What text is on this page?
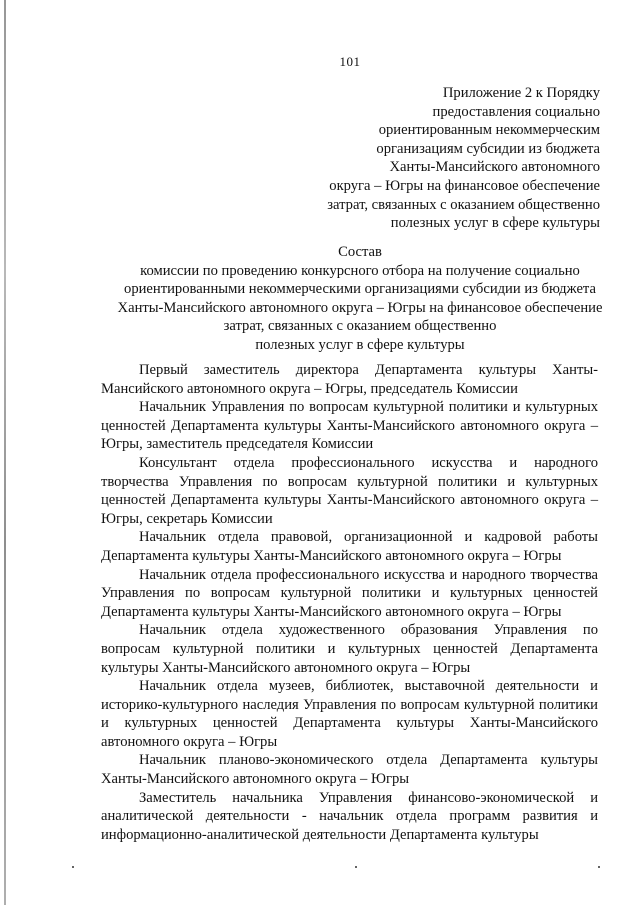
101
Приложение 2 к Порядку
предоставления социально
ориентированным некоммерческим
организациям субсидии из бюджета
Ханты-Мансийского автономного
округа – Югры на финансовое обеспечение
затрат, связанных с оказанием общественно
полезных услуг в сфере культуры
Состав
комиссии по проведению конкурсного отбора на получение социально
ориентированными некоммерческими организациями субсидии из бюджета
Ханты-Мансийского автономного округа – Югры на финансовое обеспечение
затрат, связанных с оказанием общественно
полезных услуг в сфере культуры

Первый заместитель директора Департамента культуры Ханты-Мансийского автономного округа – Югры, председатель Комиссии

Начальник Управления по вопросам культурной политики и культурных ценностей Департамента культуры Ханты-Мансийского автономного округа – Югры, заместитель председателя Комиссии

Консультант отдела профессионального искусства и народного творчества Управления по вопросам культурной политики и культурных ценностей Департамента культуры Ханты-Мансийского автономного округа – Югры, секретарь Комиссии

Начальник отдела правовой, организационной и кадровой работы Департамента культуры Ханты-Мансийского автономного округа – Югры

Начальник отдела профессионального искусства и народного творчества Управления по вопросам культурной политики и культурных ценностей Департамента культуры Ханты-Мансийского автономного округа – Югры

Начальник отдела художественного образования Управления по вопросам культурной политики и культурных ценностей Департамента культуры Ханты-Мансийского автономного округа – Югры

Начальник отдела музеев, библиотек, выставочной деятельности и историко-культурного наследия Управления по вопросам культурной политики и культурных ценностей Департамента культуры Ханты-Мансийского автономного округа – Югры

Начальник планово-экономического отдела Департамента культуры Ханты-Мансийского автономного округа – Югры

Заместитель начальника Управления финансово-экономической и аналитической деятельности - начальник отдела программ развития и информационно-аналитической деятельности Департамента культуры
